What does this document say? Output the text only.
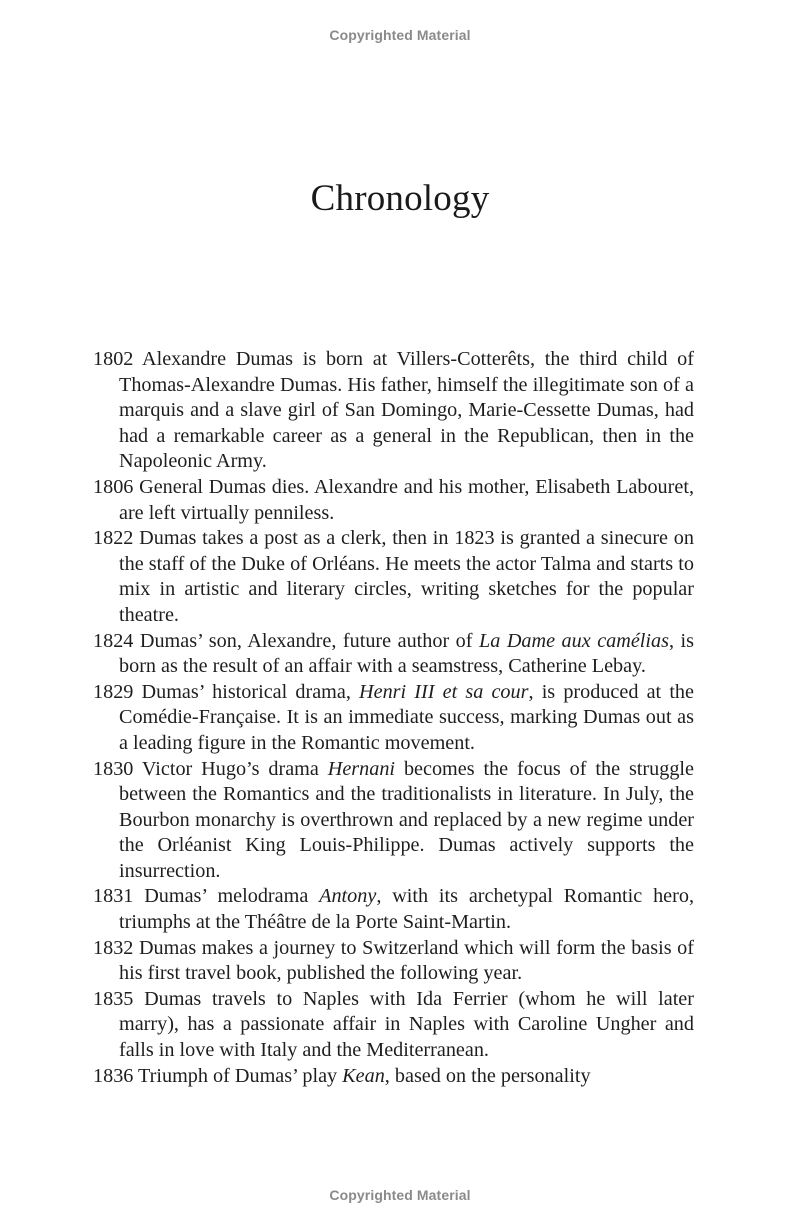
Copyrighted Material
Chronology

1802 Alexandre Dumas is born at Villers-Cotterêts, the third child of Thomas-Alexandre Dumas. His father, himself the illegitimate son of a marquis and a slave girl of San Domingo, Marie-Cessette Dumas, had had a remarkable career as a general in the Republican, then in the Napoleonic Army.

1806 General Dumas dies. Alexandre and his mother, Elisabeth Labouret, are left virtually penniless.

1822 Dumas takes a post as a clerk, then in 1823 is granted a sinecure on the staff of the Duke of Orléans. He meets the actor Talma and starts to mix in artistic and literary circles, writing sketches for the popular theatre.

1824 Dumas’ son, Alexandre, future author of La Dame aux camélias, is born as the result of an affair with a seamstress, Catherine Lebay.

1829 Dumas’ historical drama, Henri III et sa cour, is produced at the Comédie-Française. It is an immediate success, marking Dumas out as a leading figure in the Romantic movement.

1830 Victor Hugo’s drama Hernani becomes the focus of the struggle between the Romantics and the traditionalists in literature. In July, the Bourbon monarchy is overthrown and replaced by a new regime under the Orléanist King Louis-Philippe. Dumas actively supports the insurrection.

1831 Dumas’ melodrama Antony, with its archetypal Romantic hero, triumphs at the Théâtre de la Porte Saint-Martin.

1832 Dumas makes a journey to Switzerland which will form the basis of his first travel book, published the following year.

1835 Dumas travels to Naples with Ida Ferrier (whom he will later marry), has a passionate affair in Naples with Caroline Ungher and falls in love with Italy and the Mediterranean.

1836 Triumph of Dumas’ play Kean, based on the personality

Copyrighted Material
